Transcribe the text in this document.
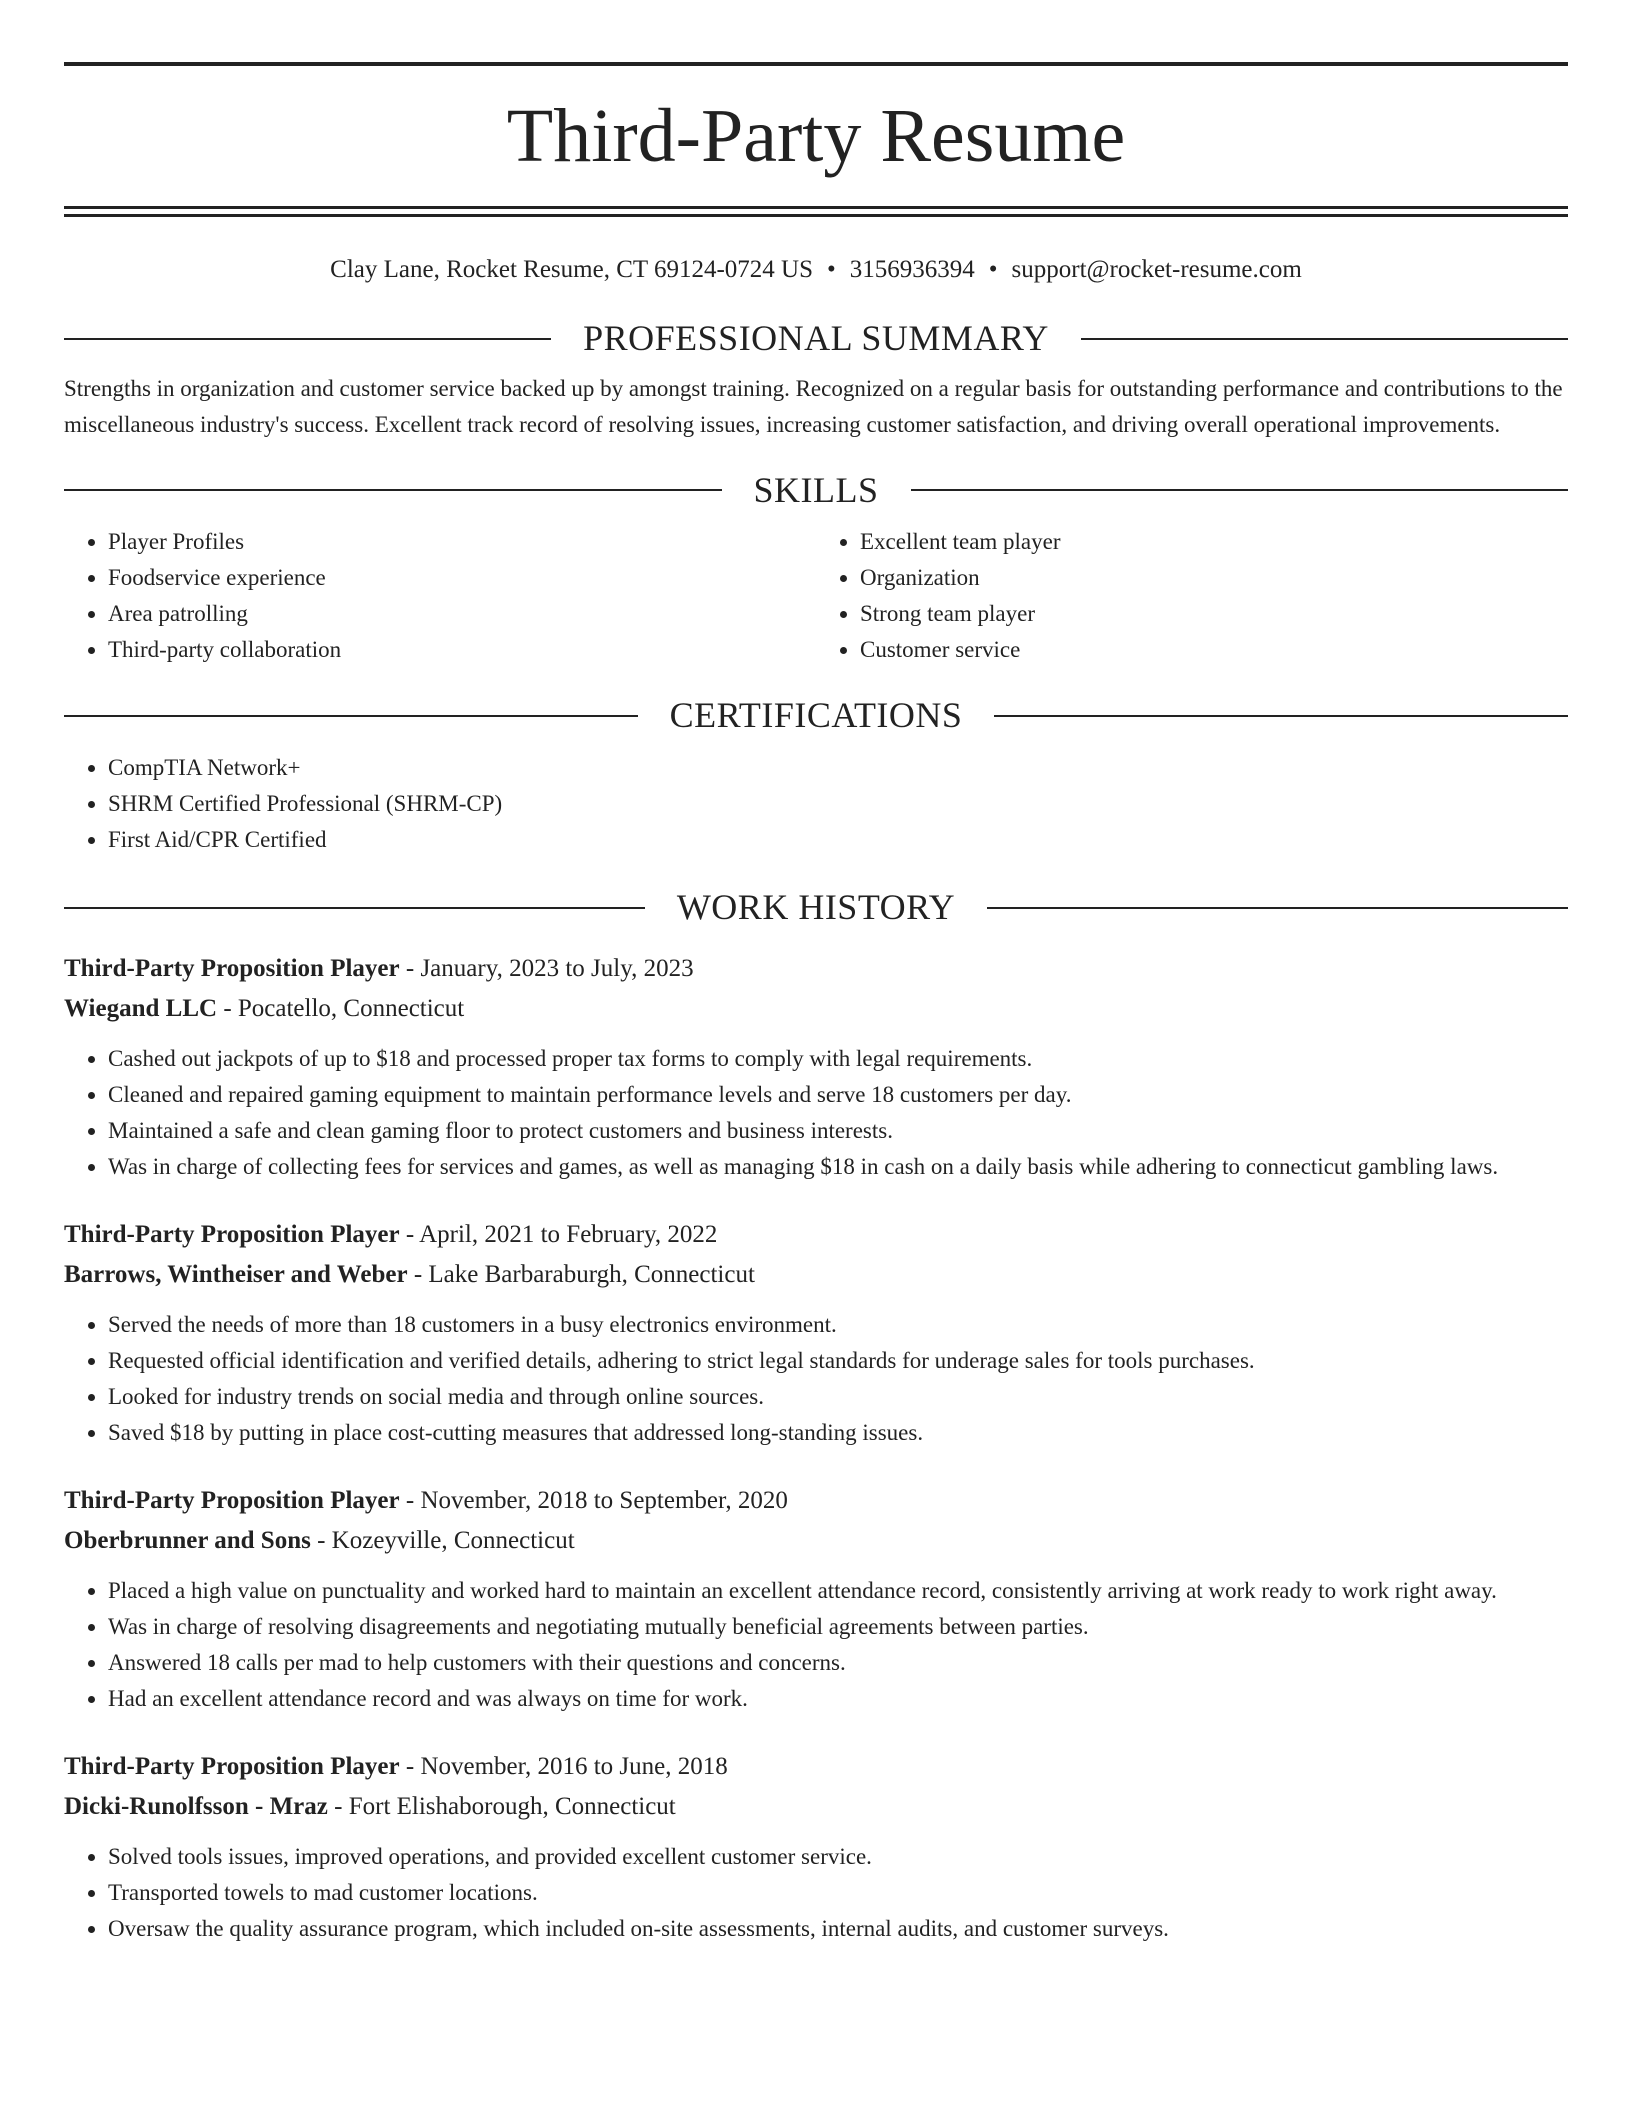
Third-Party Resume
Clay Lane, Rocket Resume, CT 69124-0724 US • 3156936394 • support@rocket-resume.com
PROFESSIONAL SUMMARY
Strengths in organization and customer service backed up by amongst training. Recognized on a regular basis for outstanding performance and contributions to the miscellaneous industry's success. Excellent track record of resolving issues, increasing customer satisfaction, and driving overall operational improvements.
SKILLS
• Player Profiles
• Foodservice experience
• Area patrolling
• Third-party collaboration
• Excellent team player
• Organization
• Strong team player
• Customer service
CERTIFICATIONS
• CompTIA Network+
• SHRM Certified Professional (SHRM-CP)
• First Aid/CPR Certified
WORK HISTORY
Third-Party Proposition Player - January, 2023 to July, 2023
Wiegand LLC - Pocatello, Connecticut
• Cashed out jackpots of up to $18 and processed proper tax forms to comply with legal requirements.
• Cleaned and repaired gaming equipment to maintain performance levels and serve 18 customers per day.
• Maintained a safe and clean gaming floor to protect customers and business interests.
• Was in charge of collecting fees for services and games, as well as managing $18 in cash on a daily basis while adhering to connecticut gambling laws.
Third-Party Proposition Player - April, 2021 to February, 2022
Barrows, Wintheiser and Weber - Lake Barbaraburgh, Connecticut
• Served the needs of more than 18 customers in a busy electronics environment.
• Requested official identification and verified details, adhering to strict legal standards for underage sales for tools purchases.
• Looked for industry trends on social media and through online sources.
• Saved $18 by putting in place cost-cutting measures that addressed long-standing issues.
Third-Party Proposition Player - November, 2018 to September, 2020
Oberbrunner and Sons - Kozeyville, Connecticut
• Placed a high value on punctuality and worked hard to maintain an excellent attendance record, consistently arriving at work ready to work right away.
• Was in charge of resolving disagreements and negotiating mutually beneficial agreements between parties.
• Answered 18 calls per mad to help customers with their questions and concerns.
• Had an excellent attendance record and was always on time for work.
Third-Party Proposition Player - November, 2016 to June, 2018
Dicki-Runolfsson - Mraz - Fort Elishaborough, Connecticut
• Solved tools issues, improved operations, and provided excellent customer service.
• Transported towels to mad customer locations.
• Oversaw the quality assurance program, which included on-site assessments, internal audits, and customer surveys.
